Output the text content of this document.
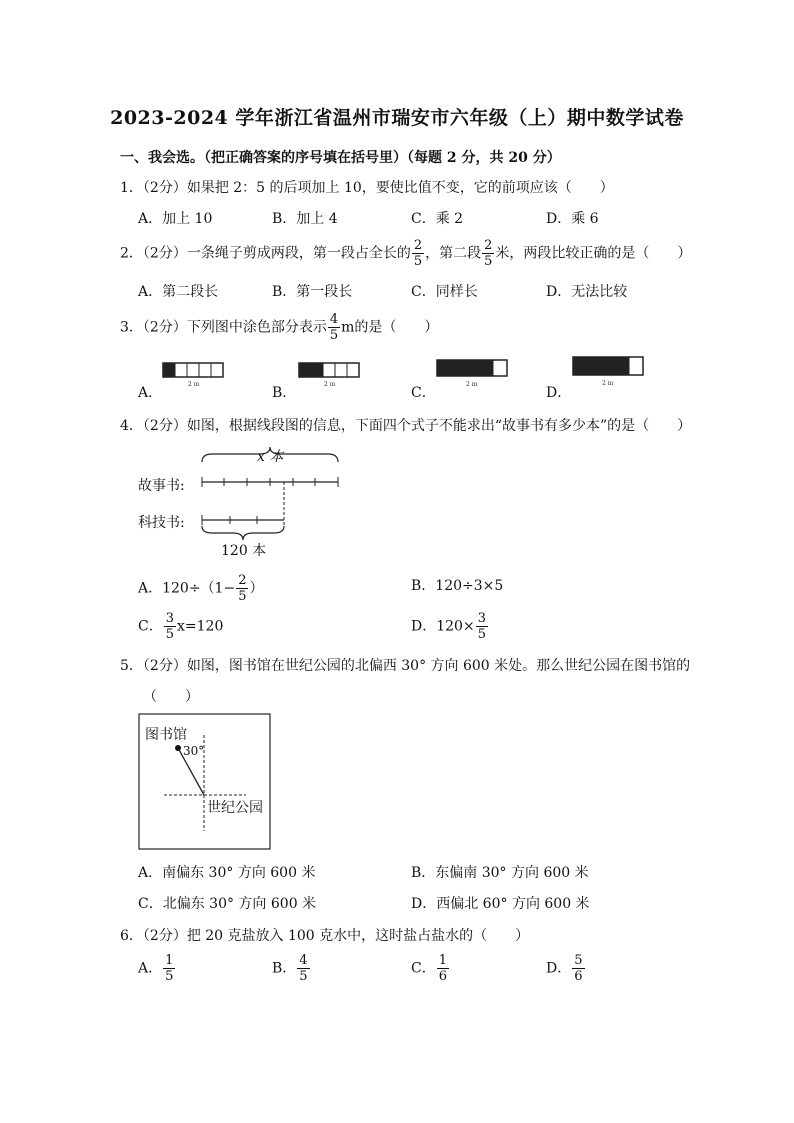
2023-2024 学年浙江省温州市瑞安市六年级（上）期中数学试卷
一、我会选。（把正确答案的序号填在括号里）（每题 2 分，共 20 分）
1．（2分）如果把 2：5 的后项加上 10，要使比值不变，它的前项应该（　　）
A．加上 10	B．加上 4	C．乘 2	D．乘 6
2．（2分）一条绳子剪成两段，第一段占全长的 $\frac{2}{5}$ ，第二段 $\frac{2}{5}$ 米，两段比较正确的是（　　）
A．第二段长	B．第一段长	C．同样长	D．无法比较
3．（2分）下列图中涂色部分表示 $\frac{4}{5}$ m的是（　　）
A．	B．	C．	D．
2 m	2 m	2 m	2 m
4．（2分）如图，根据线段图的信息，下面四个式子不能求出“故事书有多少本”的是（　　）
x 本
故事书:
科技书:
120 本
A．$120\div(1- \frac{2}{5}$ ）	B．120÷3×5
C． $\frac{3}{5} x=120$	D．$120\times \frac{3}{5}$
5．（2分）如图，图书馆在世纪公园的北偏西 30° 方向 600 米处。那么世纪公园在图书馆的
（　　）
图书馆
30°
世纪公园
A．南偏东 30° 方向 600 米	B．东偏南 30° 方向 600 米
C．北偏东 30° 方向 600 米	D．西偏北 60° 方向 600 米
6．（2分）把 20 克盐放入 100 克水中，这时盐占盐水的（　　）
A． $\frac{1}{5}$	B． $\frac{4}{5}$	C． $\frac{1}{6}$	D． $\frac{5}{6}$
